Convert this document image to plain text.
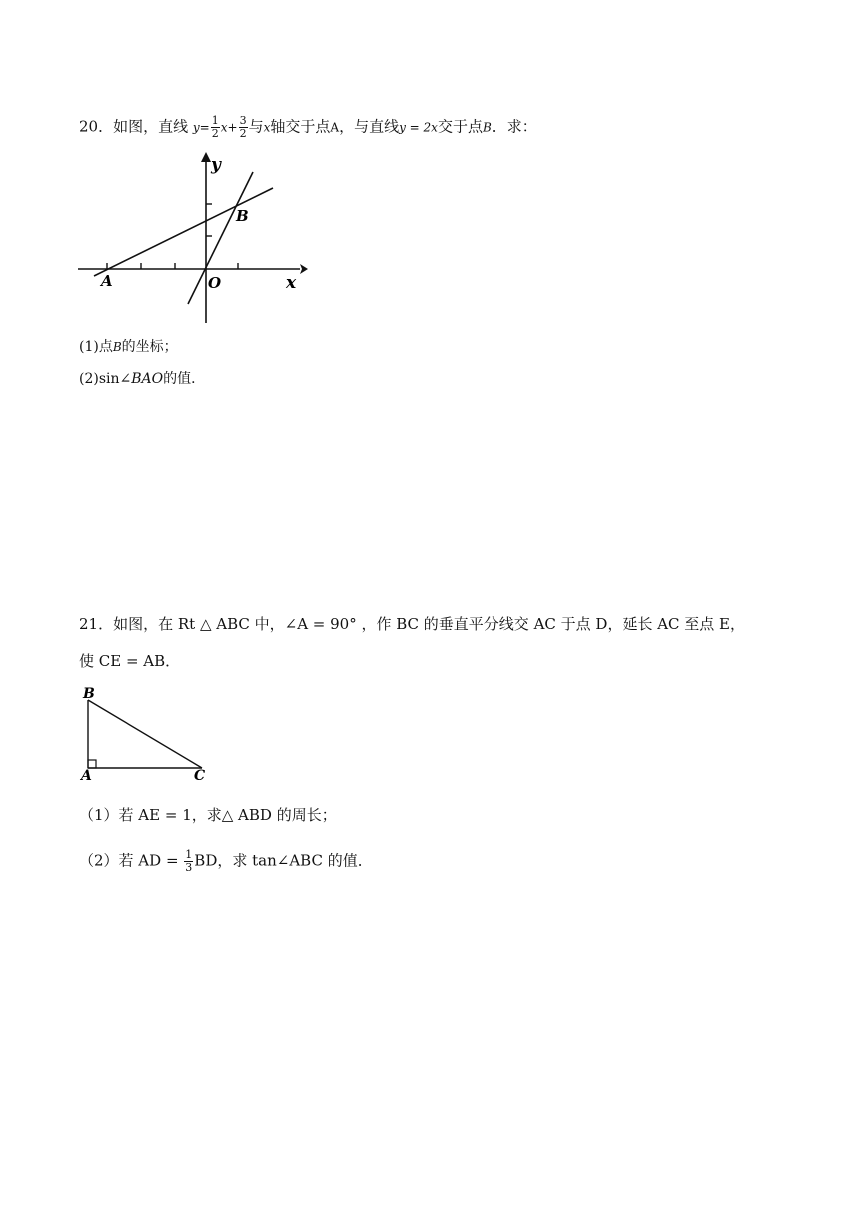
20．如图，直线 $y= \frac{1}{2} x+ \frac{3}{2}$ 与x轴交于点A，与直线y = 2x交于点B．求：
y
x
A	O
B
(1)点B的坐标；
(2)sin∠BAO的值．
21．如图，在 Rt △ ABC 中，∠A = 90° ，作 BC 的垂直平分线交 AC 于点 D，延长 AC 至点 E，
使 CE = AB．
B
A	C
（1）若 AE = 1，求△ ABD 的周长；
（2）若 AD = $\frac{1}{3}$ BD，求 tan∠ABC 的值．
